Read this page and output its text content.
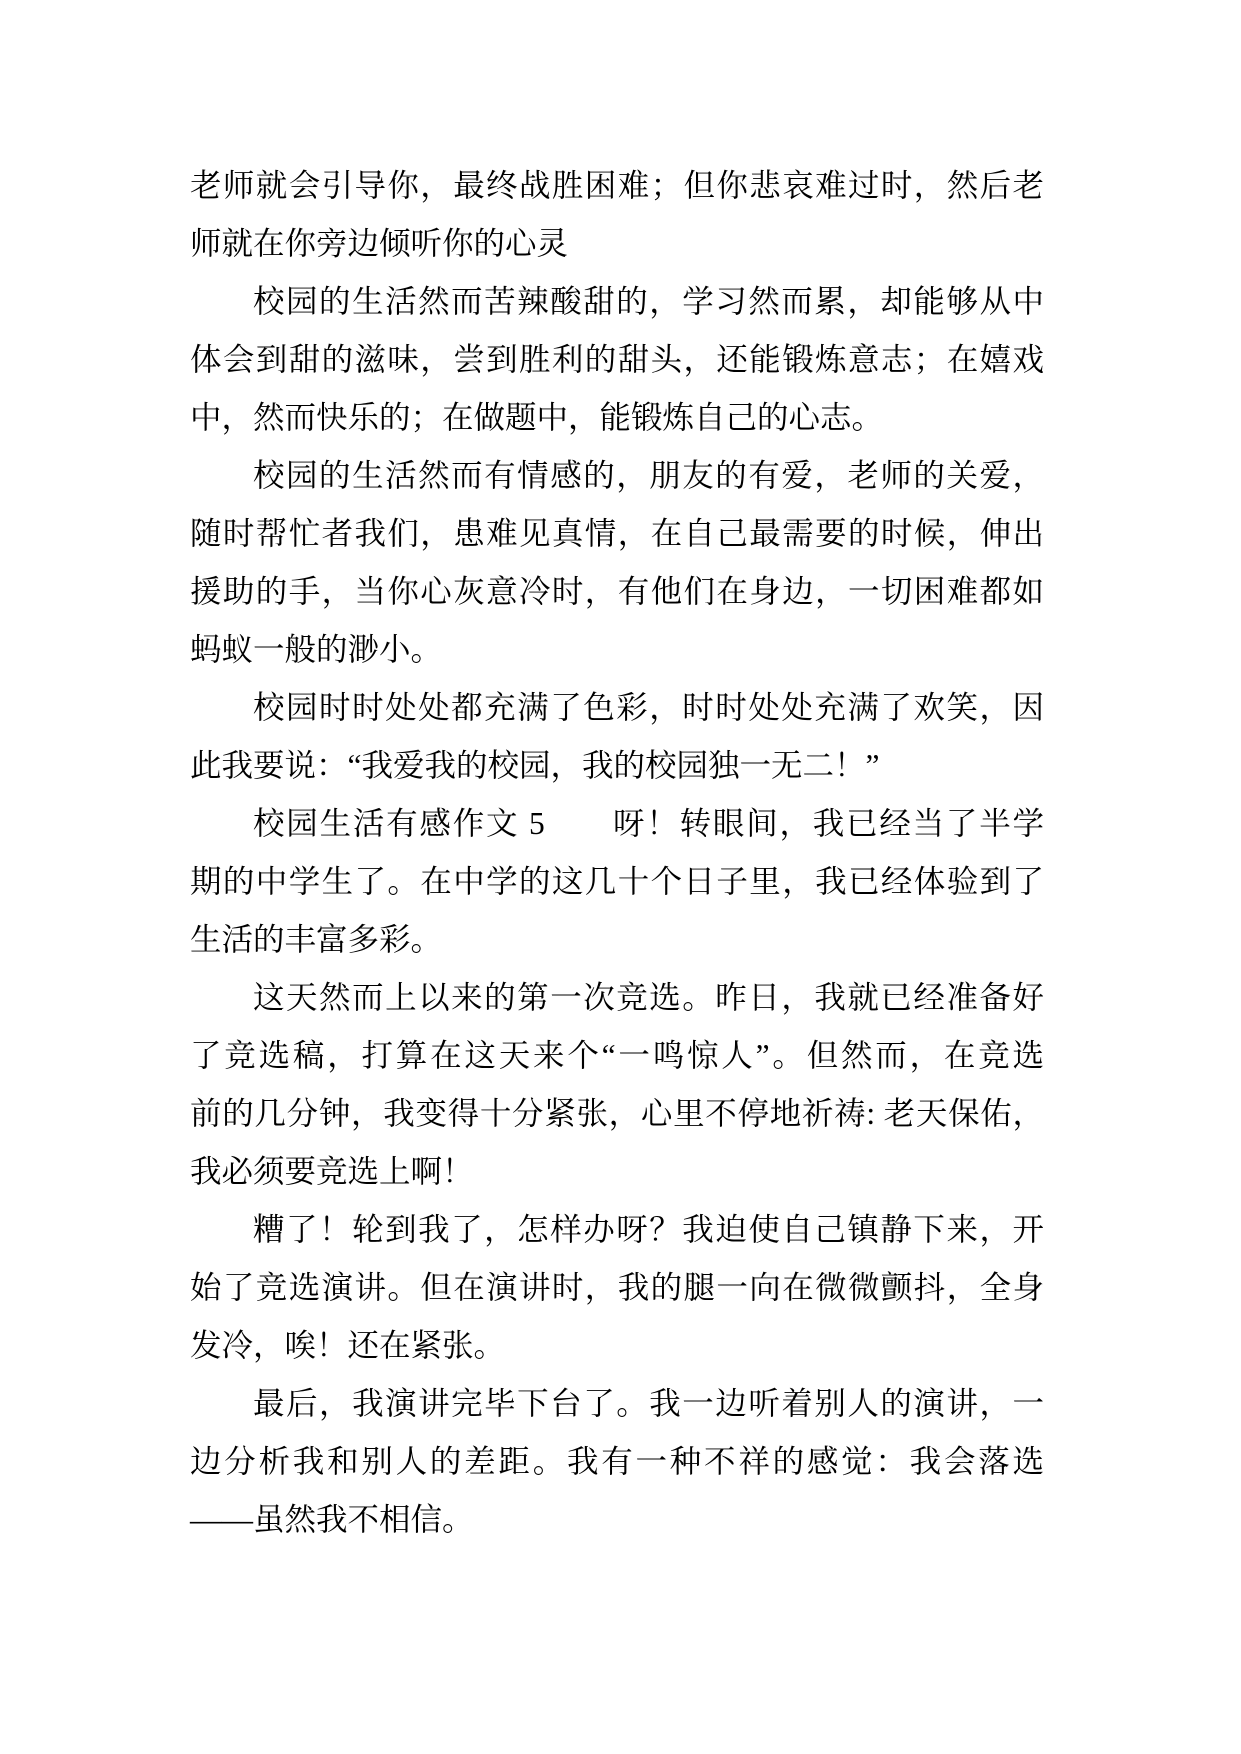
老师就会引导你，最终战胜困难；但你悲哀难过时，然后老
师就在你旁边倾听你的心灵
校园的生活然而苦辣酸甜的，学习然而累，却能够从中
体会到甜的滋味，尝到胜利的甜头，还能锻炼意志；在嬉戏
中，然而快乐的；在做题中，能锻炼自己的心志。
校园的生活然而有情感的，朋友的有爱，老师的关爱，
随时帮忙者我们，患难见真情，在自己最需要的时候，伸出
援助的手，当你心灰意冷时，有他们在身边，一切困难都如
蚂蚁一般的渺小。
校园时时处处都充满了色彩，时时处处充满了欢笑，因
此我要说：“我爱我的校园，我的校园独一无二！”
校园生活有感作文 5　　呀！转眼间，我已经当了半学
期的中学生了。在中学的这几十个日子里，我已经体验到了
生活的丰富多彩。
这天然而上以来的第一次竞选。昨日，我就已经准备好
了竞选稿，打算在这天来个“一鸣惊人”。但然而，在竞选
前的几分钟，我变得十分紧张，心里不停地祈祷: 老天保佑，
我必须要竞选上啊！
糟了！轮到我了，怎样办呀？我迫使自己镇静下来，开
始了竞选演讲。但在演讲时，我的腿一向在微微颤抖，全身
发冷，唉！还在紧张。
最后，我演讲完毕下台了。我一边听着别人的演讲，一
边分析我和别人的差距。我有一种不祥的感觉：我会落选
——虽然我不相信。
